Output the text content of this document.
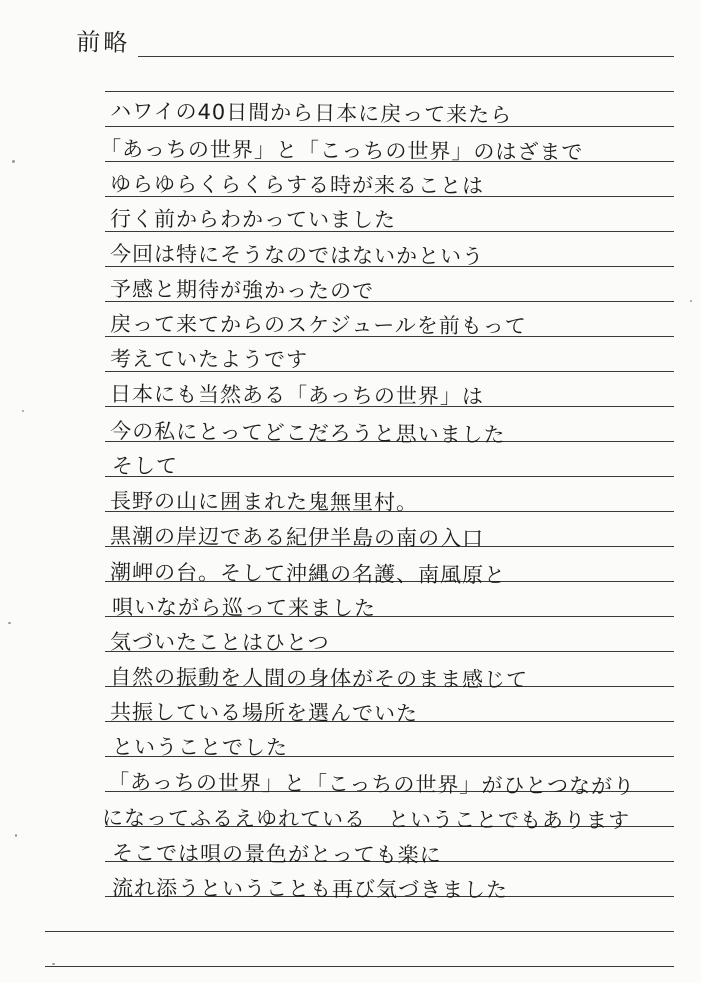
前略
ハワイの40日間から日本に戻って来たら
「あっちの世界」と「こっちの世界」のはざまで
ゆらゆらくらくらする時が来ることは
行く前からわかっていました
今回は特にそうなのではないかという
予感と期待が強かったので
戻って来てからのスケジュールを前もって
考えていたようです
日本にも当然ある「あっちの世界」は
今の私にとってどこだろうと思いました
そして
長野の山に囲まれた鬼無里村。
黒潮の岸辺である紀伊半島の南の入口
潮岬の台。そして沖縄の名護、南風原と
唄いながら巡って来ました
気づいたことはひとつ
自然の振動を人間の身体がそのまま感じて
共振している場所を選んでいた
ということでした
「あっちの世界」と「こっちの世界」がひとつながり
になってふるえゆれている　ということでもあります
そこでは唄の景色がとっても楽に
流れ添うということも再び気づきました
